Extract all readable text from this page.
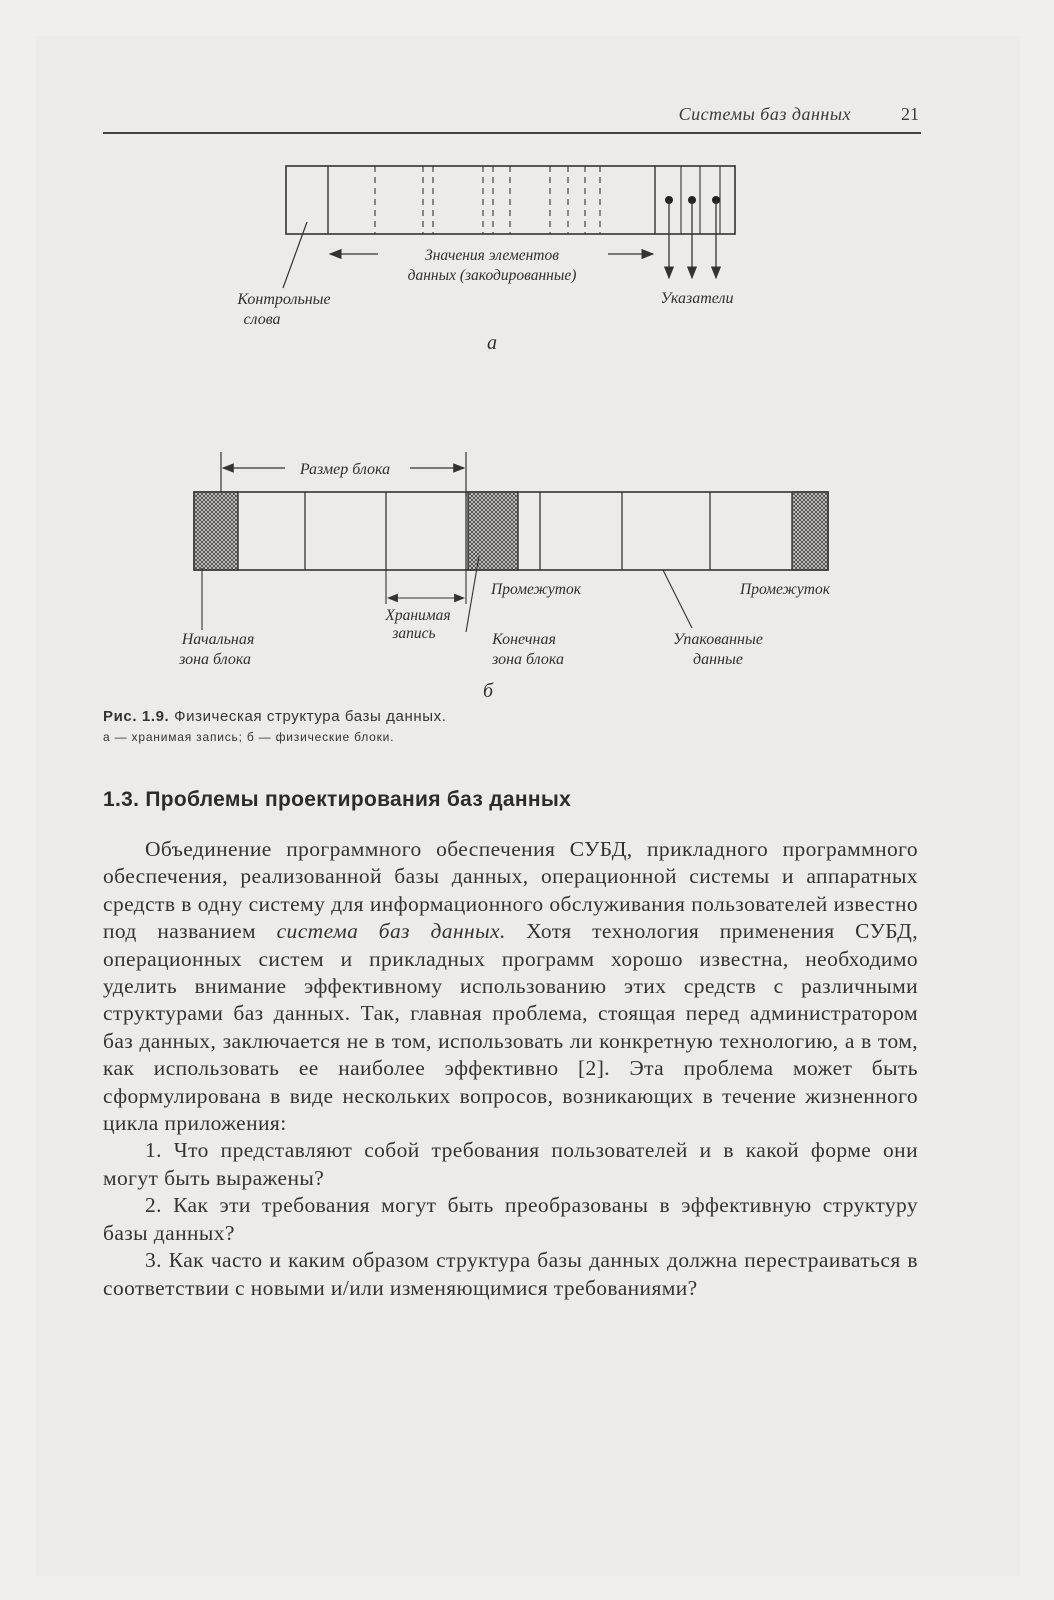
Системы баз данных	21
Значения элементов
данных (закодированные)
Контрольные
слова
Указатели
а
Размер блока
Промежуток	Промежуток
Хранимая
запись
Начальная
зона блока
Конечная
зона блока
Упакованные
данные
б
Рис. 1.9. Физическая структура базы данных.
а — хранимая запись; б — физические блоки.
1.3. Проблемы проектирования баз данных

Объединение программного обеспечения СУБД, прикладного программного обеспечения, реализованной базы данных, операционной системы и аппаратных средств в одну систему для информационного обслуживания пользователей известно под названием система баз данных. Хотя технология применения СУБД, операционных систем и прикладных программ хорошо известна, необходимо уделить внимание эффективному использованию этих средств с различными структурами баз данных. Так, главная проблема, стоящая перед администратором баз данных, заключается не в том, использовать ли конкретную технологию, а в том, как использовать ее наиболее эффективно [2]. Эта проблема может быть сформулирована в виде нескольких вопросов, возникающих в течение жизненного цикла приложения:

1. Что представляют собой требования пользователей и в какой форме они могут быть выражены?

2. Как эти требования могут быть преобразованы в эффективную структуру базы данных?

3. Как часто и каким образом структура базы данных должна перестраиваться в соответствии с новыми и/или изменяющимися требованиями?
